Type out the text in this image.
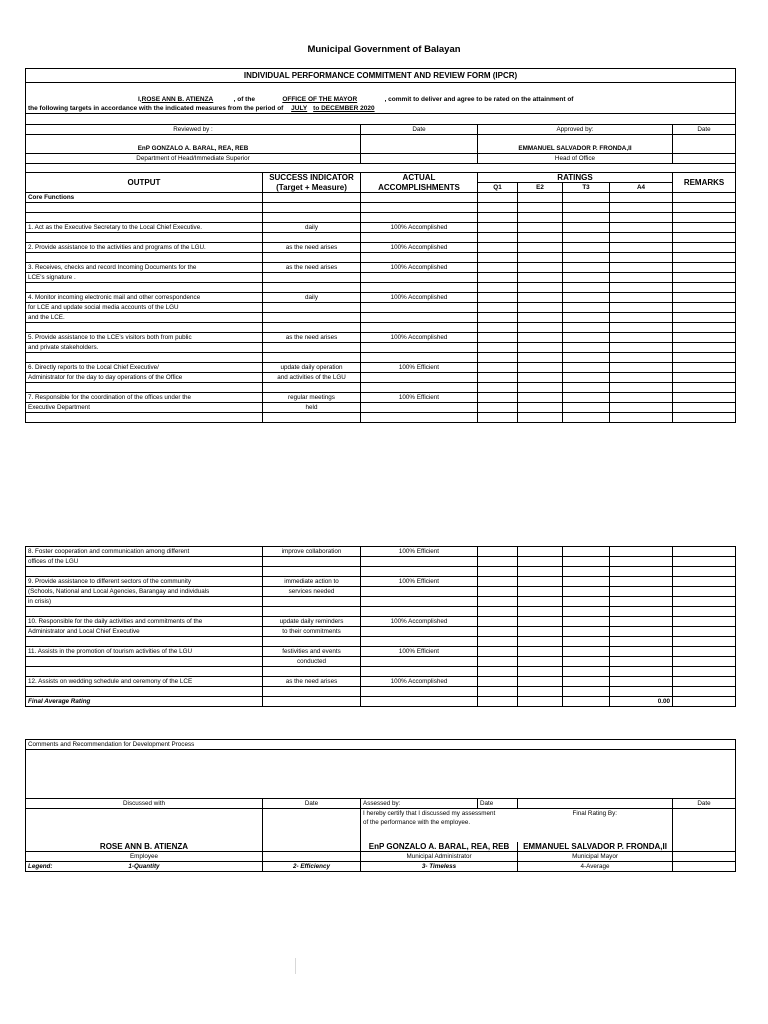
Municipal Government of Balayan
INDIVIDUAL PERFORMANCE COMMITMENT AND REVIEW FORM (IPCR)							

I,ROSE ANN B. ATIENZA , of the OFFICE OF THE MAYOR , commit to deliver and agree to be rated on the attainment of							
the following targets in accordance with the indicated measures from the period of JULY to DECEMBER 2020							

Reviewed by :		Date	Approved by:				Date

EnP GONZALO A. BARAL, REA, REB			EMMANUEL SALVADOR P. FRONDA,II				
Department of Head/Immediate Superior			Head of Office				

OUTPUT	SUCCESS INDICATOR	ACTUAL	RATINGS				REMARKS
	(Target + Measure)	ACCOMPLISHMENTS	Q1	E2	T3	A4	
Core Functions							

1. Act as the Executive Secretary to the Local Chief Executive.	daily	100% Accomplished					

2. Provide assistance to the activities and programs of the LGU.	as the need arises	100% Accomplished					

3. Receives, checks and record Incoming Documents for the	as the need arises	100% Accomplished					
LCE's signature .							

4. Monitor incoming electronic mail and other correspondence	daily	100% Accomplished					
for LCE and update social media accounts of the LGU							
and the LCE.							

5. Provide assistance to the LCE's visitors both from public	as the need arises	100% Accomplished					
and private stakeholders.							

6. Directly reports to the Local Chief Executive/	update daily operation	100% Efficient					
Administrator for the day to day operations of the Office	and activities of the LGU						

7. Responsible for the coordination of the offices under the	regular meetings	100% Efficient					
Executive Department	held						

8. Foster cooperation and communication among different	improve collaboration	100% Efficient					
offices of the LGU							

9. Provide assistance to different sectors of the community	immediate action to	100% Efficient					
(Schools, National and Local Agencies, Barangay and individuals	services needed						
in crisis)							

10. Responsible for the daily activities and commitments of the	update daily reminders	100% Accomplished					
Administrator and Local Chief Executive	to their commitments						

11. Assists in the promotion of tourism activities of the LGU	festivities and events	100% Efficient					
	conducted						

12. Assists on wedding schedule and ceremony of the LCE	as the need arises	100% Accomplished					

Final Average Rating						0.00	
Comments and Recommendation for Development Process					

Discussed with	Date	Assessed by:	Date		Date
		I hereby certify that I discussed my assessment		Final Rating By:	
		of the performance with the employee.			
ROSE ANN B. ATIENZA		EnP GONZALO A. BARAL, REA, REB		EMMANUEL SALVADOR P. FRONDA,II	
Employee		Municipal Administrator		Municipal Mayor	
Legend: 1-Quantity	2- Efficiency	3- Timeless		4-Average	
